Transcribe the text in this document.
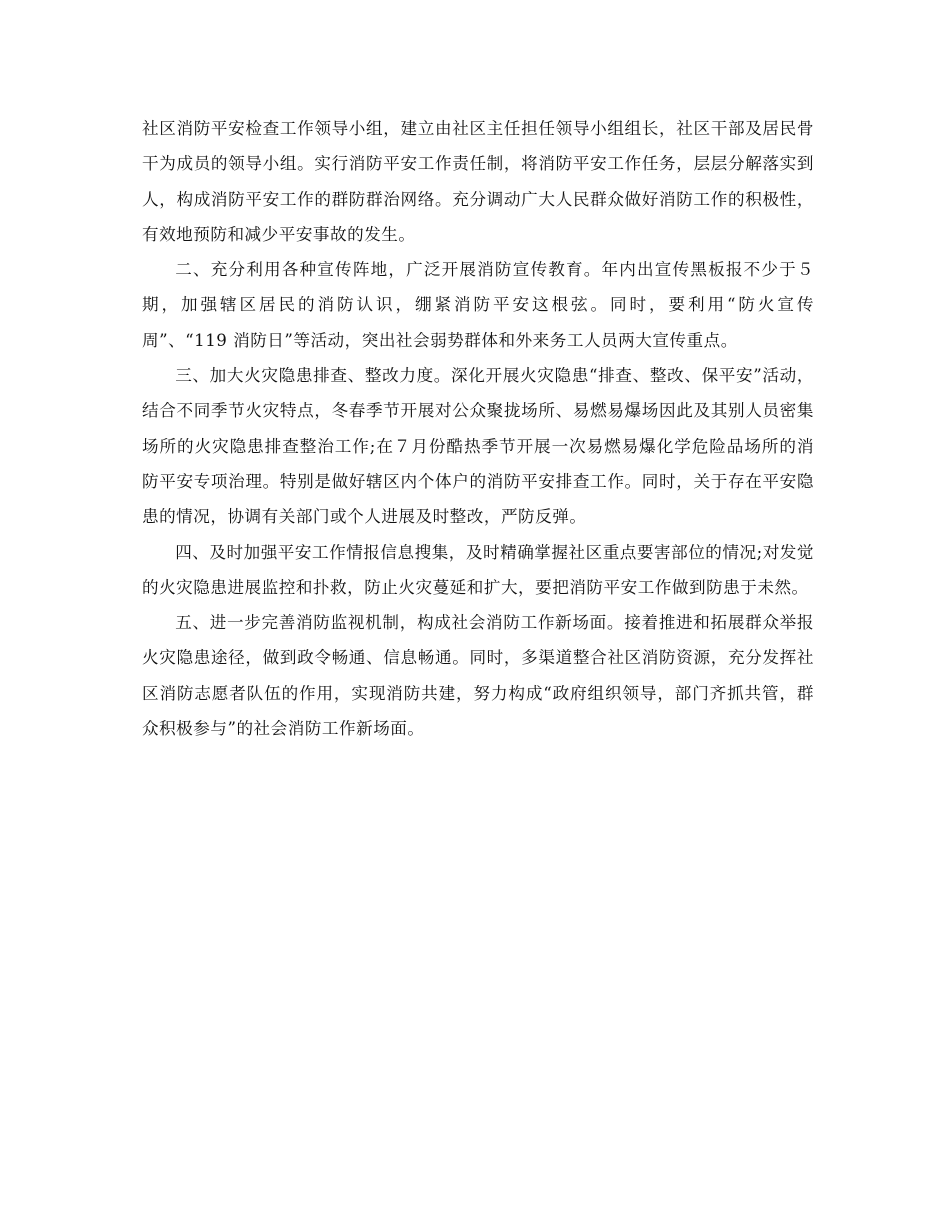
社区消防平安检查工作领导小组，建立由社区主任担任领导小组组长，社区干部及居民骨干为成员的领导小组。实行消防平安工作责任制，将消防平安工作任务，层层分解落实到人，构成消防平安工作的群防群治网络。充分调动广大人民群众做好消防工作的积极性，有效地预防和减少平安事故的发生。

二、充分利用各种宣传阵地，广泛开展消防宣传教育。年内出宣传黑板报不少于５期，加强辖区居民的消防认识，绷紧消防平安这根弦。同时，要利用“防火宣传周”、“119 消防日”等活动，突出社会弱势群体和外来务工人员两大宣传重点。

三、加大火灾隐患排查、整改力度。深化开展火灾隐患“排查、整改、保平安”活动，结合不同季节火灾特点，冬春季节开展对公众聚拢场所、易燃易爆场因此及其别人员密集场所的火灾隐患排查整治工作;在７月份酷热季节开展一次易燃易爆化学危险品场所的消防平安专项治理。特别是做好辖区内个体户的消防平安排查工作。同时，关于存在平安隐患的情况，协调有关部门或个人进展及时整改，严防反弹。

四、及时加强平安工作情报信息搜集，及时精确掌握社区重点要害部位的情况;对发觉的火灾隐患进展监控和扑救，防止火灾蔓延和扩大，要把消防平安工作做到防患于未然。

五、进一步完善消防监视机制，构成社会消防工作新场面。接着推进和拓展群众举报火灾隐患途径，做到政令畅通、信息畅通。同时，多渠道整合社区消防资源，充分发挥社区消防志愿者队伍的作用，实现消防共建，努力构成“政府组织领导，部门齐抓共管，群众积极参与”的社会消防工作新场面。
